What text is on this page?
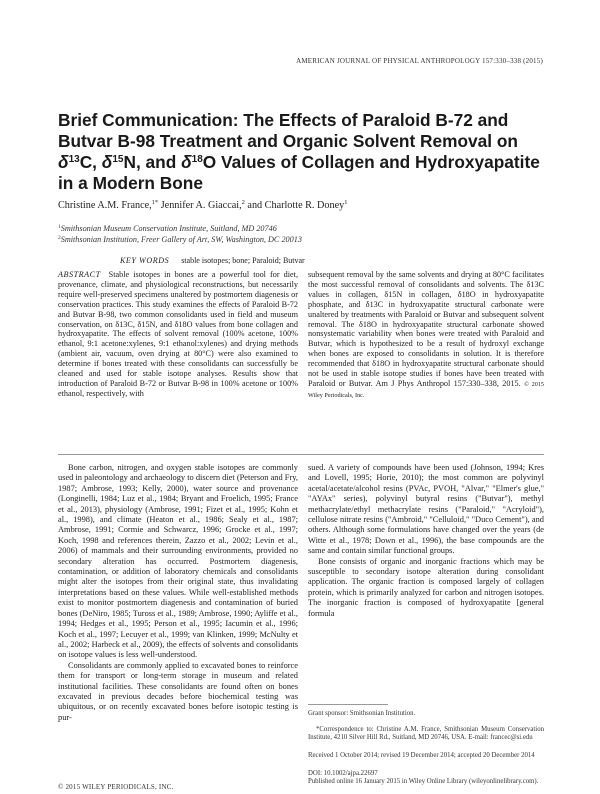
AMERICAN JOURNAL OF PHYSICAL ANTHROPOLOGY 157:330–338 (2015)
Brief Communication: The Effects of Paraloid B-72 and Butvar B-98 Treatment and Organic Solvent Removal on $\delta^{13}C$, $\delta^{15}N$, and $\delta^{18}O$ Values of Collagen and Hydroxyapatite in a Modern Bone
Christine A.M. France,$^{1*}$ Jennifer A. Giaccai,$^2$ and Charlotte R. Doney$^1$
$^1$Smithsonian Museum Conservation Institute, Suitland, MD 20746
$^2$Smithsonian Institution, Freer Gallery of Art, SW, Washington, DC 20013
KEY WORDS stable isotopes; bone; Paraloid; Butvar
ABSTRACT Stable isotopes in bones are a powerful tool for diet, provenance, climate, and physiological reconstructions, but necessarily require well-preserved specimens unaltered by postmortem diagenesis or conservation practices. This study examines the effects of Paraloid B-72 and Butvar B-98, two common consolidants used in field and museum conservation, on δ13C, δ15N, and δ18O values from bone collagen and hydroxyapatite. The effects of solvent removal (100% acetone, 100% ethanol, 9:1 acetone:xylenes, 9:1 ethanol:xylenes) and drying methods (ambient air, vacuum, oven drying at 80°C) were also examined to determine if bones treated with these consolidants can successfully be cleaned and used for stable isotope analyses. Results show that introduction of Paraloid B-72 or Butvar B-98 in 100% acetone or 100% ethanol, respectively, with
subsequent removal by the same solvents and drying at 80°C facilitates the most successful removal of consolidants and solvents. The δ13C values in collagen, δ15N in collagen, δ18O in hydroxyapatite phosphate, and δ13C in hydroxyapatite structural carbonate were unaltered by treatments with Paraloid or Butvar and subsequent solvent removal. The δ18O in hydroxyapatite structural carbonate showed nonsystematic variability when bones were treated with Paraloid and Butvar, which is hypothesized to be a result of hydroxyl exchange when bones are exposed to consolidants in solution. It is therefore recommended that δ18O in hydroxyapatite structural carbonate should not be used in stable isotope studies if bones have been treated with Paraloid or Butvar. Am J Phys Anthropol 157:330–338, 2015. © 2015 Wiley Periodicals, Inc.

Bone carbon, nitrogen, and oxygen stable isotopes are commonly used in paleontology and archaeology to discern diet (Peterson and Fry, 1987; Ambrose, 1993; Kelly, 2000), water source and provenance (Longinelli, 1984; Luz et al., 1984; Bryant and Froelich, 1995; France et al., 2013), physiology (Ambrose, 1991; Fizet et al., 1995; Kohn et al., 1998), and climate (Heaton et al., 1986; Sealy et al., 1987; Ambrose, 1991; Cormie and Schwarcz, 1996; Grocke et al., 1997; Koch, 1998 and references therein, Zazzo et al., 2002; Levin et al., 2006) of mammals and their surrounding environments, provided no secondary alteration has occurred. Postmortem diagenesis, contamination, or addition of laboratory chemicals and consolidants might alter the isotopes from their original state, thus invalidating interpretations based on these values. While well-established methods exist to monitor postmortem diagenesis and contamination of buried bones (DeNiro, 1985; Tuross et al., 1989; Ambrose, 1990; Ayliffe et al., 1994; Hedges et al., 1995; Person et al., 1995; Iacumin et al., 1996; Koch et al., 1997; Lecuyer et al., 1999; van Klinken, 1999; McNulty et al., 2002; Harbeck et al., 2009), the effects of solvents and consolidants on isotope values is less well-understood.

Consolidants are commonly applied to excavated bones to reinforce them for transport or long-term storage in museum and related institutional facilities. These consolidants are found often on bones excavated in previous decades before biochemical testing was ubiquitous, or on recently excavated bones before isotopic testing is pur-

sued. A variety of compounds have been used (Johnson, 1994; Kres and Lovell, 1995; Horie, 2010); the most common are polyvinyl acetal/acetate/alcohol resins (PVAc, PVOH, "Alvar," "Elmer's glue," "AYAx" series), polyvinyl butyral resins ("Butvar"), methyl methacrylate/ethyl methacrylate resins ("Paraloid," "Acryloid"), cellulose nitrate resins ("Ambroid," "Celluloid," "Duco Cement"), and others. Although some formulations have changed over the years (de Witte et al., 1978; Down et al., 1996), the base compounds are the same and contain similar functional groups.

Bone consists of organic and inorganic fractions which may be susceptible to secondary isotope alteration during consolidant application. The organic fraction is composed largely of collagen protein, which is primarily analyzed for carbon and nitrogen isotopes. The inorganic fraction is composed of hydroxyapatite [general formula

Grant sponsor: Smithsonian Institution.
*Correspondence to: Christine A.M. France, Smithsonian Museum Conservation Institute, 4210 Silver Hill Rd., Suitland, MD 20746, USA. E-mail: francec@si.edu
Received 1 October 2014; revised 19 December 2014; accepted 20 December 2014
DOI: 10.1002/ajpa.22697
Published online 16 January 2015 in Wiley Online Library (wileyonlinelibrary.com).
© 2015 WILEY PERIODICALS, INC.
